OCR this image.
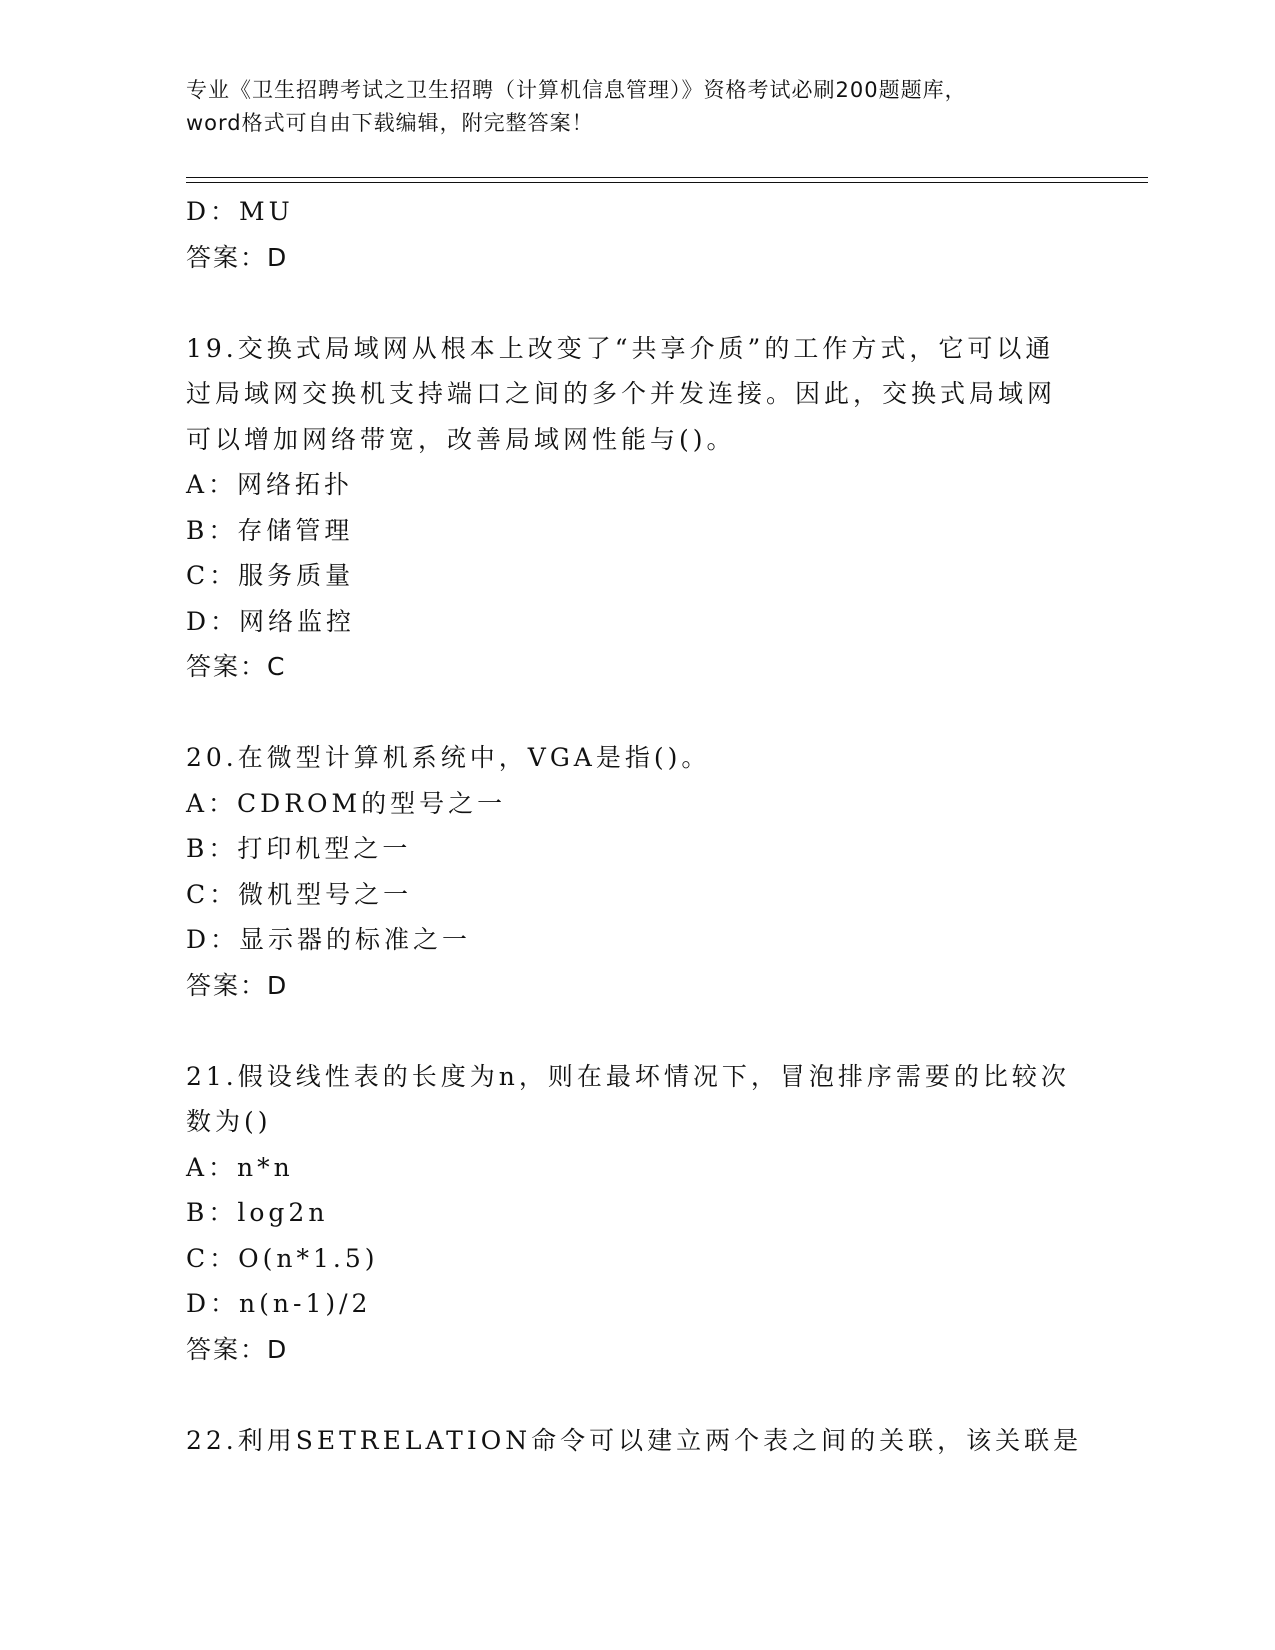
专业《卫生招聘考试之卫生招聘（计算机信息管理）》资格考试必刷200题题库，
word格式可自由下载编辑，附完整答案！
D：MU
答案：D
19.交换式局域网从根本上改变了“共享介质”的工作方式，它可以通
过局域网交换机支持端口之间的多个并发连接。因此，交换式局域网
可以增加网络带宽，改善局域网性能与()。
A：网络拓扑
B：存储管理
C：服务质量
D：网络监控
答案：C
20.在微型计算机系统中，VGA是指()。
A：CDROM的型号之一
B：打印机型之一
C：微机型号之一
D：显示器的标准之一
答案：D
21.假设线性表的长度为n，则在最坏情况下，冒泡排序需要的比较次
数为()
A：n*n
B：log2n
C：O(n*1.5)
D：n(n-1)/2
答案：D
22.利用SETRELATION命令可以建立两个表之间的关联，该关联是
